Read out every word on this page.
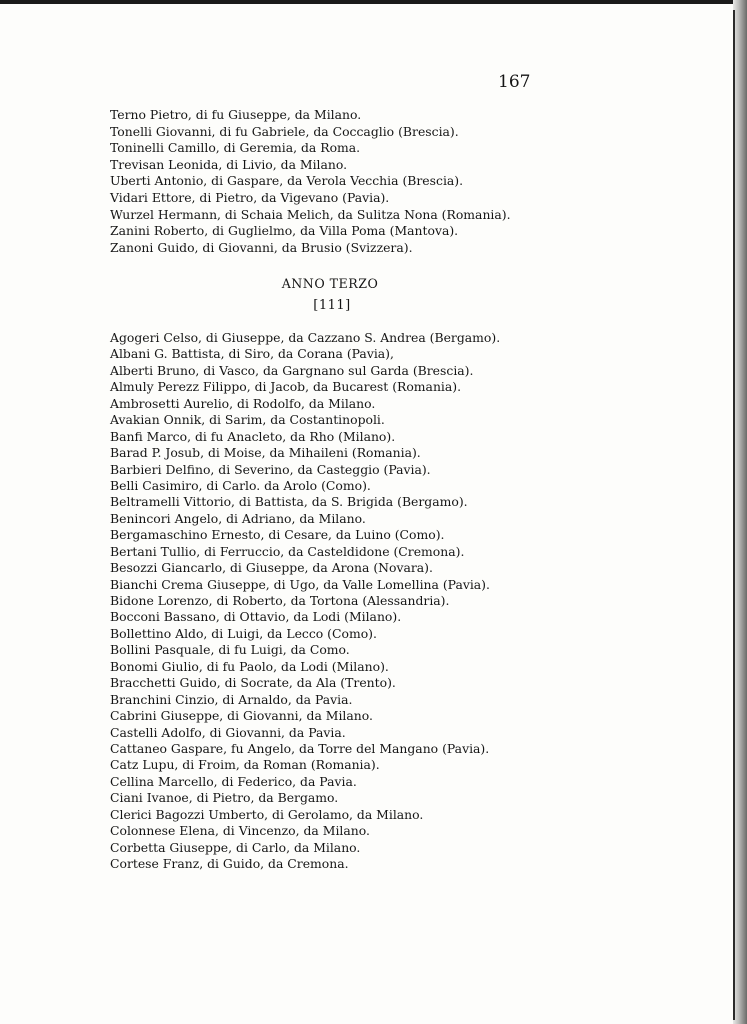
167
Terno Pietro, di fu Giuseppe, da Milano.
Tonelli Giovanni, di fu Gabriele, da Coccaglio (Brescia).
Toninelli Camillo, di Geremia, da Roma.
Trevisan Leonida, di Livio, da Milano.
Uberti Antonio, di Gaspare, da Verola Vecchia (Brescia).
Vidari Ettore, di Pietro, da Vigevano (Pavia).
Wurzel Hermann, di Schaia Melich, da Sulitza Nona (Romania).
Zanini Roberto, di Guglielmo, da Villa Poma (Mantova).
Zanoni Guido, di Giovanni, da Brusio (Svizzera).
ANNO TERZO
[111]
Agogeri Celso, di Giuseppe, da Cazzano S. Andrea (Bergamo).
Albani G. Battista, di Siro, da Corana (Pavia),
Alberti Bruno, di Vasco, da Gargnano sul Garda (Brescia).
Almuly Perezz Filippo, di Jacob, da Bucarest (Romania).
Ambrosetti Aurelio, di Rodolfo, da Milano.
Avakian Onnik, di Sarim, da Costantinopoli.
Banfi Marco, di fu Anacleto, da Rho (Milano).
Barad P. Josub, di Moise, da Mihaileni (Romania).
Barbieri Delfino, di Severino, da Casteggio (Pavia).
Belli Casimiro, di Carlo. da Arolo (Como).
Beltramelli Vittorio, di Battista, da S. Brigida (Bergamo).
Benincori Angelo, di Adriano, da Milano.
Bergamaschino Ernesto, di Cesare, da Luino (Como).
Bertani Tullio, di Ferruccio, da Casteldidone (Cremona).
Besozzi Giancarlo, di Giuseppe, da Arona (Novara).
Bianchi Crema Giuseppe, di Ugo, da Valle Lomellina (Pavia).
Bidone Lorenzo, di Roberto, da Tortona (Alessandria).
Bocconi Bassano, di Ottavio, da Lodi (Milano).
Bollettino Aldo, di Luigi, da Lecco (Como).
Bollini Pasquale, di fu Luigi, da Como.
Bonomi Giulio, di fu Paolo, da Lodi (Milano).
Bracchetti Guido, di Socrate, da Ala (Trento).
Branchini Cinzio, di Arnaldo, da Pavia.
Cabrini Giuseppe, di Giovanni, da Milano.
Castelli Adolfo, di Giovanni, da Pavia.
Cattaneo Gaspare, fu Angelo, da Torre del Mangano (Pavia).
Catz Lupu, di Froim, da Roman (Romania).
Cellina Marcello, di Federico, da Pavia.
Ciani Ivanoe, di Pietro, da Bergamo.
Clerici Bagozzi Umberto, di Gerolamo, da Milano.
Colonnese Elena, di Vincenzo, da Milano.
Corbetta Giuseppe, di Carlo, da Milano.
Cortese Franz, di Guido, da Cremona.
